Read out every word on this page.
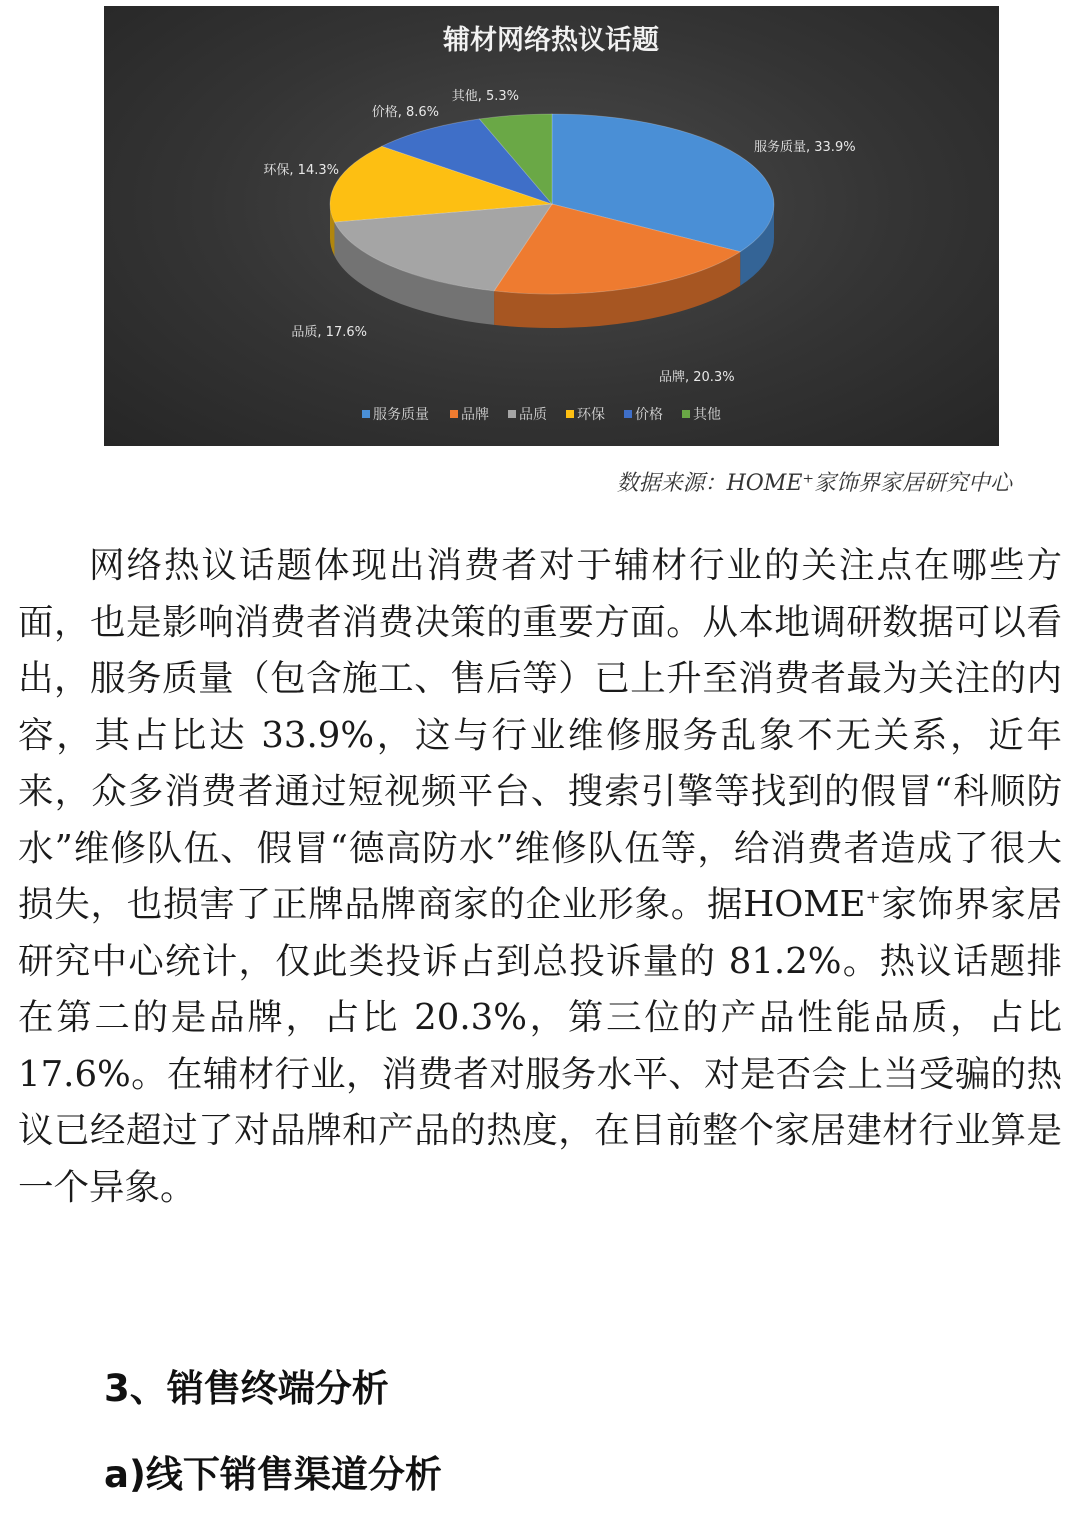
辅材网络热议话题
服务质量, 33.9%
品牌, 20.3%
品质, 17.6%
环保, 14.3%
价格, 8.6%
其他, 5.3%
服务质量 品牌 品质 环保 价格 其他
数据来源：HOME⁺家饰界家居研究中心

网络热议话题体现出消费者对于辅材行业的关注点在哪些方面，也是影响消费者消费决策的重要方面。从本地调研数据可以看出，服务质量（包含施工、售后等）已上升至消费者最为关注的内容，其占比达 33.9%，这与行业维修服务乱象不无关系，近年来，众多消费者通过短视频平台、搜索引擎等找到的假冒“科顺防水”维修队伍、假冒“德高防水”维修队伍等，给消费者造成了很大损失，也损害了正牌品牌商家的企业形象。据HOME+家饰界家居研究中心统计，仅此类投诉占到总投诉量的 81.2%。热议话题排在第二的是品牌，占比 20.3%，第三位的产品性能品质，占比 17.6%。在辅材行业，消费者对服务水平、对是否会上当受骗的热议已经超过了对品牌和产品的热度，在目前整个家居建材行业算是一个异象。

3、销售终端分析
a)线下销售渠道分析
